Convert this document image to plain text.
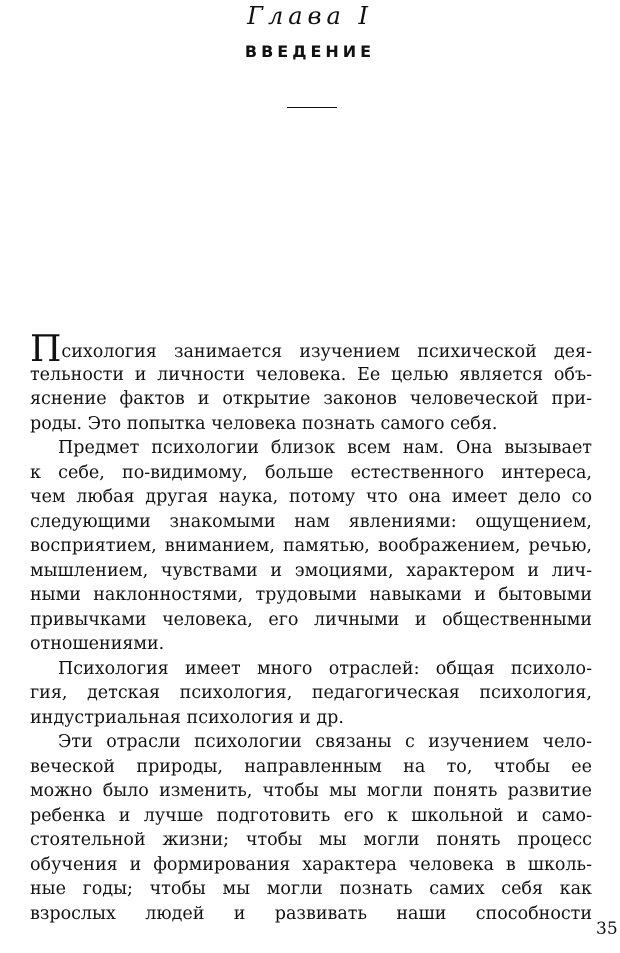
Глава I
ВВЕДЕНИЕ
Психология занимается изучением психической дея-
тельности и личности человека. Ее целью является объ-
яснение фактов и открытие законов человеческой при-
роды. Это попытка человека познать самого себя.
Предмет психологии близок всем нам. Она вызывает
к себе, по-видимому, больше естественного интереса,
чем любая другая наука, потому что она имеет дело со
следующими знакомыми нам явлениями: ощущением,
восприятием, вниманием, памятью, воображением, речью,
мышлением, чувствами и эмоциями, характером и лич-
ными наклонностями, трудовыми навыками и бытовыми
привычками человека, его личными и общественными
отношениями.
Психология имеет много отраслей: общая психоло-
гия, детская психология, педагогическая психология,
индустриальная психология и др.
Эти отрасли психологии связаны с изучением чело-
веческой природы, направленным на то, чтобы ее
можно было изменить, чтобы мы могли понять развитие
ребенка и лучше подготовить его к школьной и само-
стоятельной жизни; чтобы мы могли понять процесс
обучения и формирования характера человека в школь-
ные годы; чтобы мы могли познать самих себя как
взрослых людей и развивать наши способности
35
